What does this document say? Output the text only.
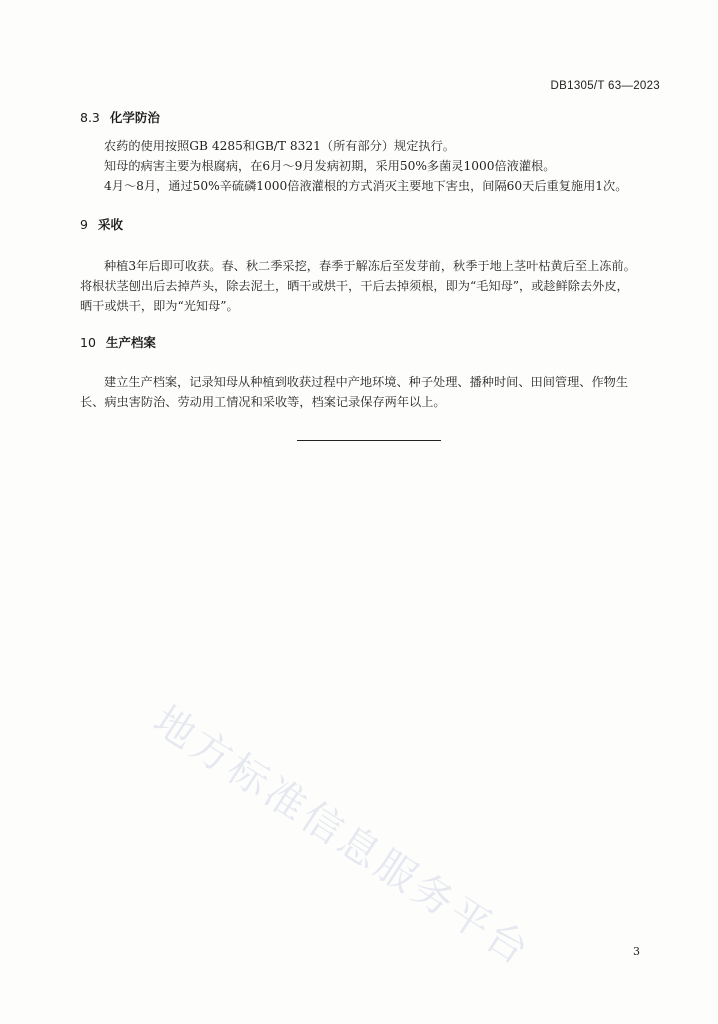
DB1305/T 63—2023
8.3 化学防治
农药的使用按照GB 4285和GB/T 8321（所有部分）规定执行。
知母的病害主要为根腐病，在6月～9月发病初期，采用50%多菌灵1000倍液灌根。
4月～8月，通过50%辛硫磷1000倍液灌根的方式消灭主要地下害虫，间隔60天后重复施用1次。
9 采收
种植3年后即可收获。春、秋二季采挖，春季于解冻后至发芽前，秋季于地上茎叶枯黄后至上冻前。
将根状茎刨出后去掉芦头，除去泥土，晒干或烘干，干后去掉须根，即为“毛知母”，或趁鲜除去外皮，
晒干或烘干，即为“光知母”。
10 生产档案
建立生产档案，记录知母从种植到收获过程中产地环境、种子处理、播种时间、田间管理、作物生
长、病虫害防治、劳动用工情况和采收等，档案记录保存两年以上。
地方标准信息服务平台	3
